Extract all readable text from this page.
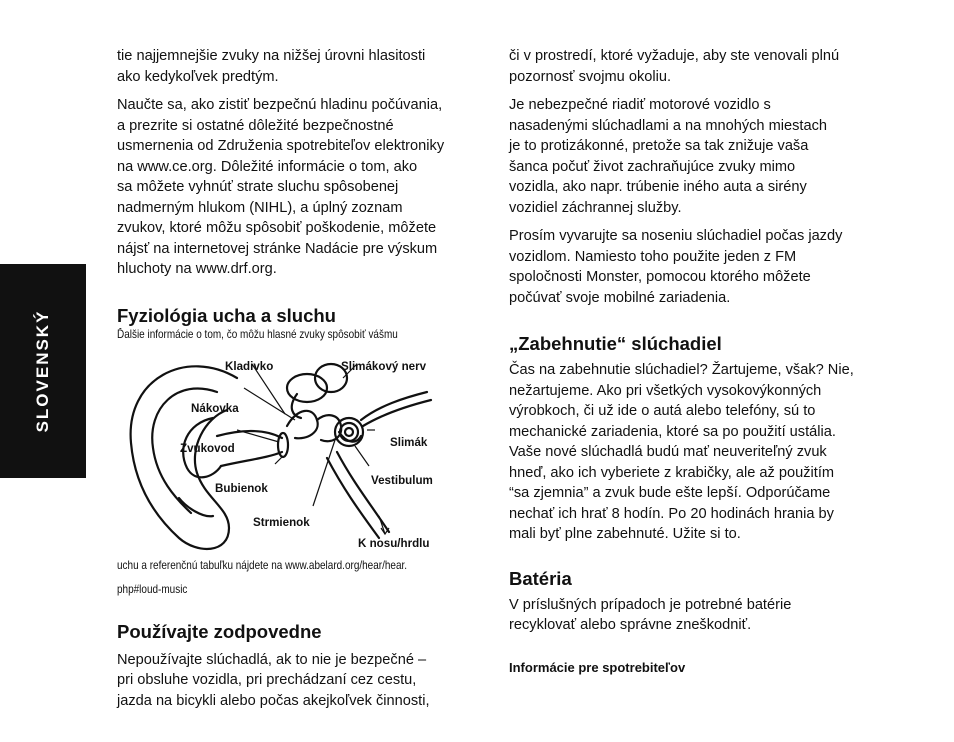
SLOVENSKÝ

tie najjemnejšie zvuky na nižšej úrovni hlasitosti
ako kedykoľvek predtým.

Naučte sa, ako zistiť bezpečnú hladinu počúvania,
a prezrite si ostatné dôležité bezpečnostné
usmernenia od Združenia spotrebiteľov elektroniky
na www.ce.org. Dôležité informácie o tom, ako
sa môžete vyhnúť strate sluchu spôsobenej
nadmerným hlukom (NIHL), a úplný zoznam
zvukov, ktoré môžu spôsobiť poškodenie, môžete
nájsť na internetovej stránke Nadácie pre výskum
hluchoty na www.drf.org.

Fyziológia ucha a sluchu
Ďalšie informácie o tom, čo môžu hlasné zvuky spôsobiť vášmu
Kladivko	Slimákový nerv
Nákovka
Slimák
Zvukovod
Bubienok
Vestibulum
Strmienok
K nosu/hrdlu
uchu a referenčnú tabuľku nájdete na www.abelard.org/hear/hear.
php#loud-music
Používajte zodpovedne

Nepoužívajte slúchadlá, ak to nie je bezpečné –
pri obsluhe vozidla, pri prechádzaní cez cestu,
jazda na bicykli alebo počas akejkoľvek činnosti,

či v prostredí, ktoré vyžaduje, aby ste venovali plnú
pozornosť svojmu okoliu.

Je nebezpečné riadiť motorové vozidlo s
nasadenými slúchadlami a na mnohých miestach
je to protizákonné, pretože sa tak znižuje vaša
šanca počuť život zachraňujúce zvuky mimo
vozidla, ako napr. trúbenie iného auta a sirény
vozidiel záchrannej služby.

Prosím vyvarujte sa noseniu slúchadiel počas jazdy
vozidlom. Namiesto toho použite jeden z FM
spoločnosti Monster, pomocou ktorého môžete
počúvať svoje mobilné zariadenia.

„Zabehnutie“ slúchadiel

Čas na zabehnutie slúchadiel? Žartujeme, však? Nie,
nežartujeme. Ako pri všetkých vysokovýkonných
výrobkoch, či už ide o autá alebo telefóny, sú to
mechanické zariadenia, ktoré sa po použití ustália.
Vaše nové slúchadlá budú mať neuveriteľný zvuk
hneď, ako ich vyberiete z krabičky, ale až použitím
“sa zjemnia” a zvuk bude ešte lepší. Odporúčame
nechať ich hrať 8 hodín. Po 20 hodinách hrania by
mali byť plne zabehnuté. Užite si to.

Batéria

V príslušných prípadoch je potrebné batérie
recyklovať alebo správne zneškodniť.

Informácie pre spotrebiteľov
